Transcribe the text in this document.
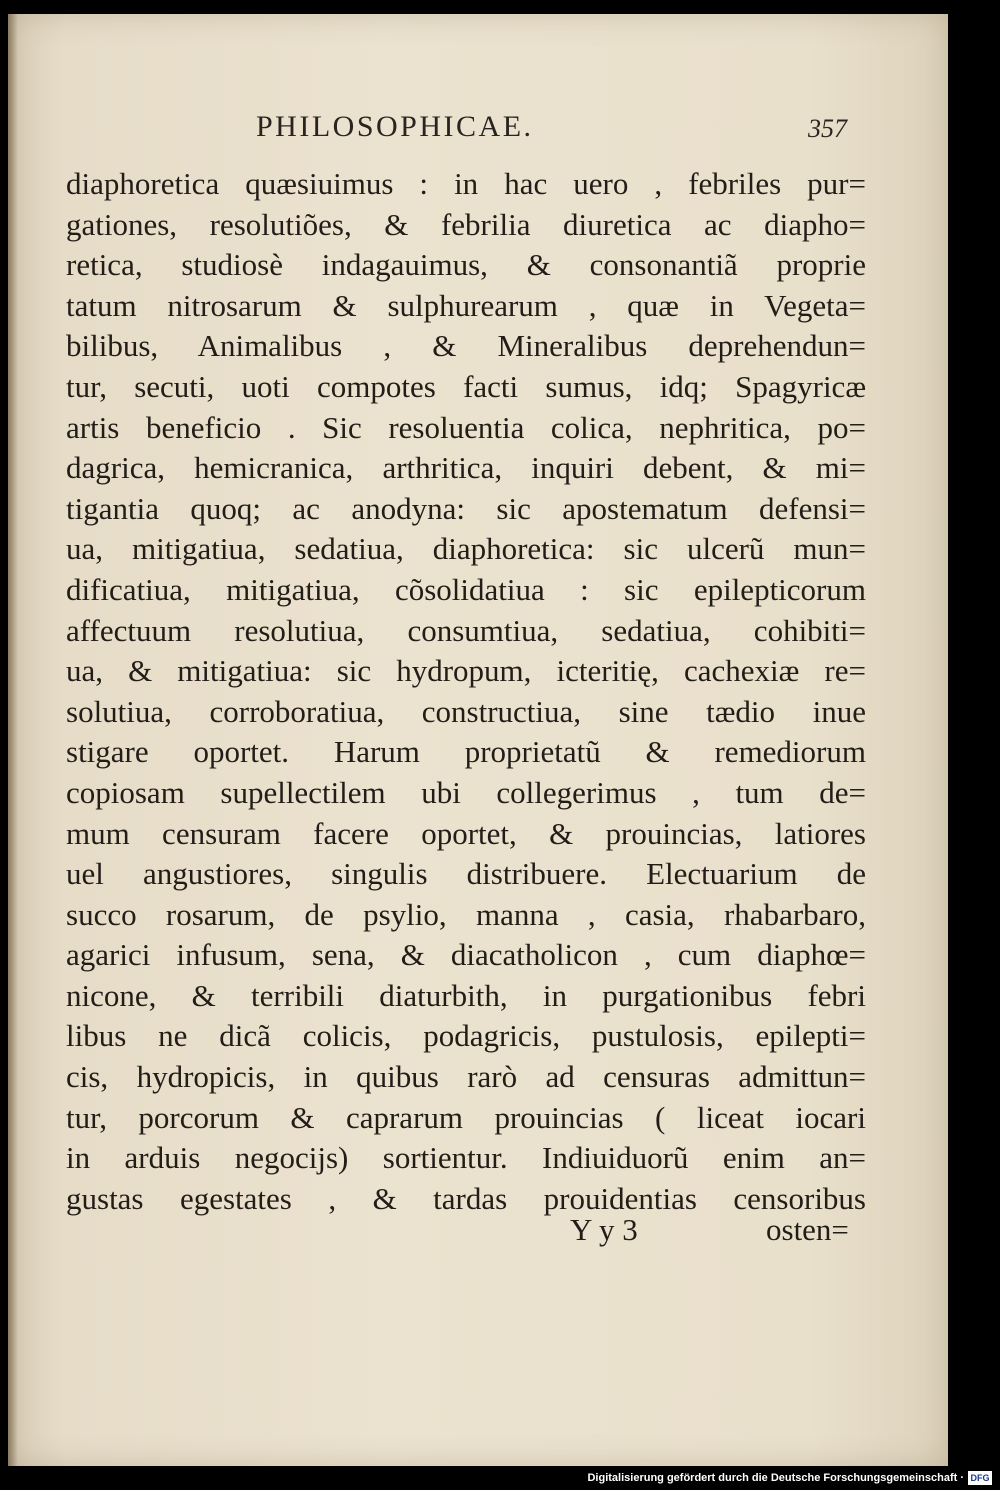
PHILOSOPHICAE.	357
diaphoretica quæsiuimus : in hac uero , febriles pur=
gationes, resolutiões, & febrilia diuretica ac diapho=
retica, studiosè indagauimus, & consonantiã proprie
tatum nitrosarum & sulphurearum , quæ in Vegeta=
bilibus, Animalibus , & Mineralibus deprehendun=
tur, secuti, uoti compotes facti sumus, idq; Spagyricæ
artis beneficio . Sic resoluentia colica, nephritica, po=
dagrica, hemicranica, arthritica, inquiri debent, & mi=
tigantia quoq; ac anodyna: sic apostematum defensi=
ua, mitigatiua, sedatiua, diaphoretica: sic ulcerũ mun=
dificatiua, mitigatiua, cõsolidatiua : sic epilepticorum
affectuum resolutiua, consumtiua, sedatiua, cohibiti=
ua, & mitigatiua: sic hydropum, icteritię, cachexiæ re=
solutiua, corroboratiua, constructiua, sine tædio inue
stigare oportet. Harum proprietatũ & remediorum
copiosam supellectilem ubi collegerimus , tum de=
mum censuram facere oportet, & prouincias, latiores
uel angustiores, singulis distribuere. Electuarium de
succo rosarum, de psylio, manna , casia, rhabarbaro,
agarici infusum, sena, & diacatholicon , cum diaphœ=
nicone, & terribili diaturbith, in purgationibus febri
libus ne dicã colicis, podagricis, pustulosis, epilepti=
cis, hydropicis, in quibus rarò ad censuras admittun=
tur, porcorum & caprarum prouincias ( liceat iocari
in arduis negocijs) sortientur. Indiuiduorũ enim an=
gustas egestates , & tardas prouidentias censoribus
Y y 3	osten=
Digitalisierung gefördert durch die Deutsche Forschungsgemeinschaft · DFG
